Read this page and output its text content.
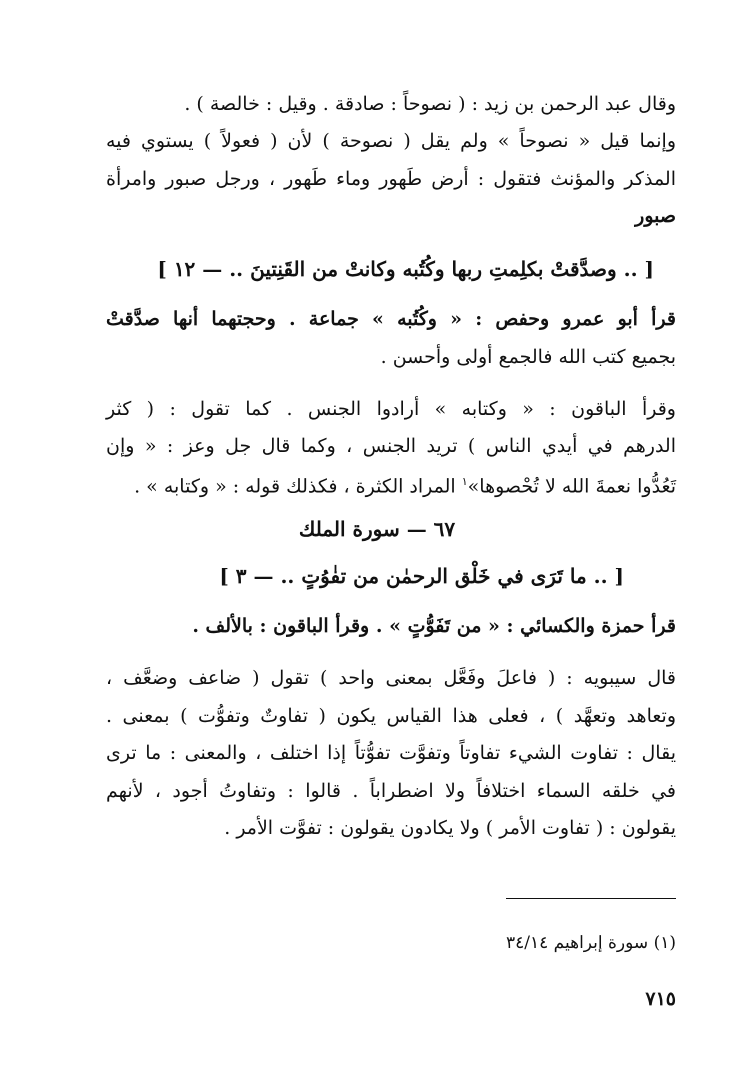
وقال عبد الرحمن بن زيد : ( نصوحاً : صادقة . وقيل : خالصة ) .
وإنما قيل « نصوحاً » ولم يقل ( نصوحة ) لأن ( فعولاً ) يستوي فيه
المذكر والمؤنث فتقول : أرض طَهور وماء طَهور ، ورجل صبور وامرأة
صبور
[ .. وصدَّقتْ بكلِمتِ ربها وكُتُبه وكانتْ من القَنِتينَ .. — ١٢ ]
قرأ أبو عمرو وحفص : « وكُتُبه » جماعة . وحجتهما أنها صدَّقتْ
بجميع كتب الله فالجمع أولى وأحسن .
وقرأ الباقون : « وكتابه » أرادوا الجنس . كما تقول : ( كثر
الدرهم في أيدي الناس ) تريد الجنس ، وكما قال جل وعز : « وإن
تَعُدُّوا نعمةَ الله لا تُحْصوها»$^١$ المراد الكثرة ، فكذلك قوله : « وكتابه » .
٦٧ — سورة الملك
[ .. ما تَرَى في خَلْق الرحمٰن من تفٰوُتٍ .. — ٣ ]
قرأ حمزة والكسائي : « من تَفَوُّتٍ » . وقرأ الباقون : بالألف .
قال سيبويه : ( فاعلَ وفَعَّل بمعنى واحد ) تقول ( ضاعف وضعَّف ،
وتعاهد وتعهَّد ) ، فعلى هذا القياس يكون ( تفاوتٌ وتفوُّت ) بمعنى .
يقال : تفاوت الشيء تفاوتاً وتفوَّت تفوُّتاً إذا اختلف ، والمعنى : ما ترى
في خلقه السماء اختلافاً ولا اضطراباً . قالوا : وتفاوتُ أجود ، لأنهم
يقولون : ( تفاوت الأمر ) ولا يكادون يقولون : تفوَّت الأمر .
(١) سورة إبراهيم ٣٤/١٤
٧١٥
